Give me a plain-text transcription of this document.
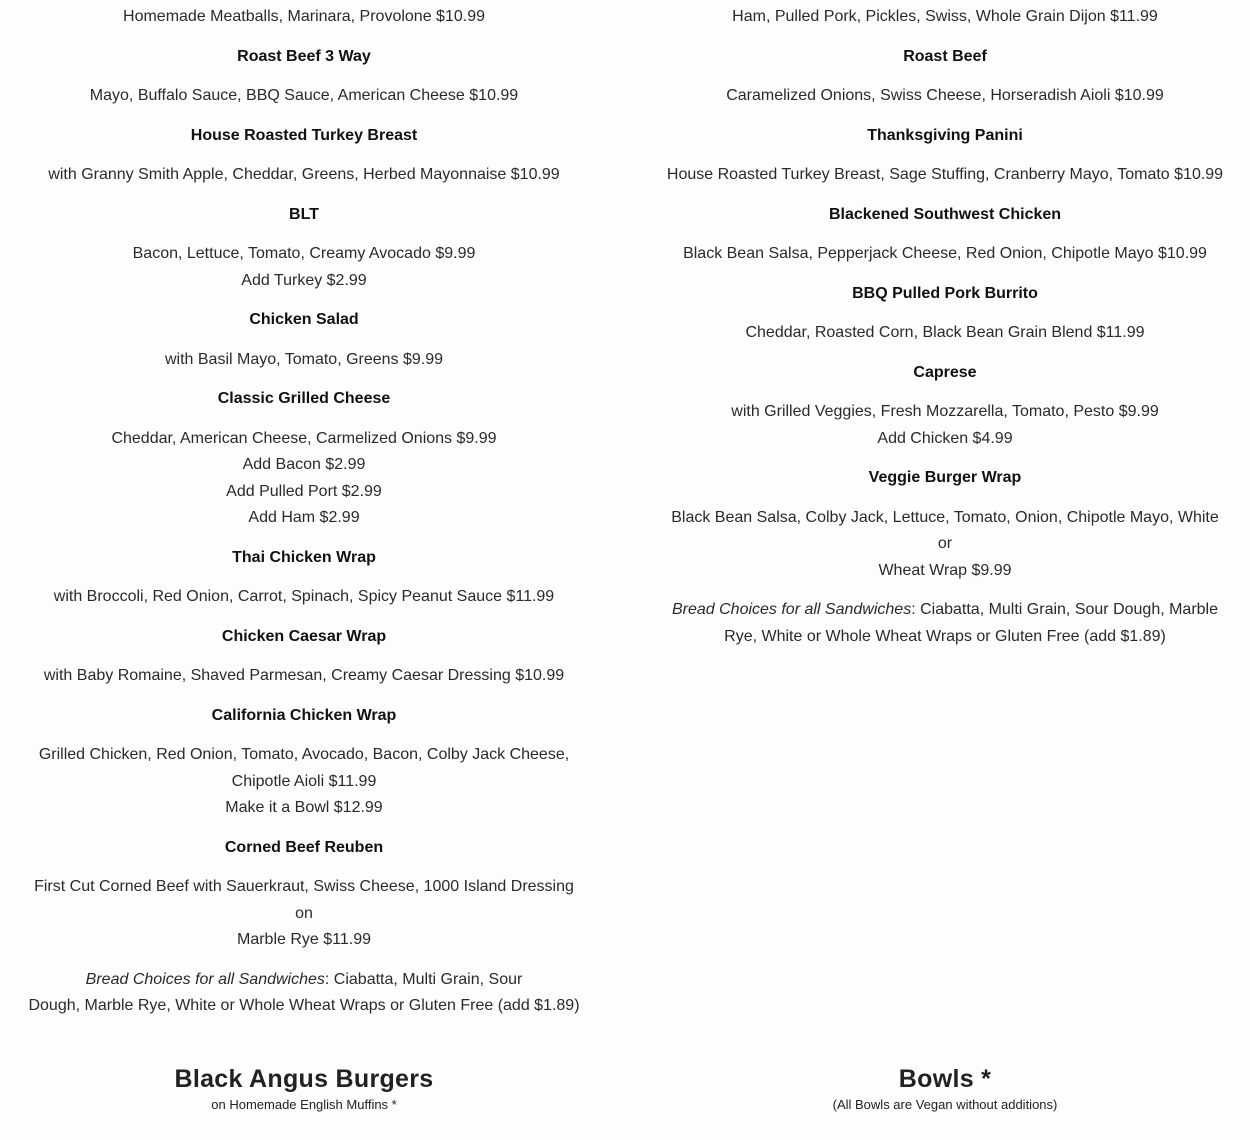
Homemade Meatballs, Marinara, Provolone $10.99

Roast Beef 3 Way

Mayo, Buffalo Sauce, BBQ Sauce, American Cheese $10.99

House Roasted Turkey Breast

with Granny Smith Apple, Cheddar, Greens, Herbed Mayonnaise $10.99

BLT

Bacon, Lettuce, Tomato, Creamy Avocado $9.99
Add Turkey $2.99

Chicken Salad

with Basil Mayo, Tomato, Greens $9.99

Classic Grilled Cheese

Cheddar, American Cheese, Carmelized Onions $9.99
Add Bacon $2.99
Add Pulled Port $2.99
Add Ham $2.99

Thai Chicken Wrap

with Broccoli, Red Onion, Carrot, Spinach, Spicy Peanut Sauce $11.99

Chicken Caesar Wrap

with Baby Romaine, Shaved Parmesan, Creamy Caesar Dressing $10.99

California Chicken Wrap

Grilled Chicken, Red Onion, Tomato, Avocado, Bacon, Colby Jack Cheese,
Chipotle Aioli $11.99
Make it a Bowl $12.99

Corned Beef Reuben

First Cut Corned Beef with Sauerkraut, Swiss Cheese, 1000 Island Dressing on
Marble Rye $11.99

Bread Choices for all Sandwiches: Ciabatta, Multi Grain, Sour
Dough, Marble Rye, White or Whole Wheat Wraps or Gluten Free (add $1.89)

Ham, Pulled Pork, Pickles, Swiss, Whole Grain Dijon $11.99

Roast Beef

Caramelized Onions, Swiss Cheese, Horseradish Aioli $10.99

Thanksgiving Panini

House Roasted Turkey Breast, Sage Stuffing, Cranberry Mayo, Tomato $10.99

Blackened Southwest Chicken

Black Bean Salsa, Pepperjack Cheese, Red Onion, Chipotle Mayo $10.99

BBQ Pulled Pork Burrito

Cheddar, Roasted Corn, Black Bean Grain Blend $11.99

Caprese

with Grilled Veggies, Fresh Mozzarella, Tomato, Pesto $9.99
Add Chicken $4.99

Veggie Burger Wrap

Black Bean Salsa, Colby Jack, Lettuce, Tomato, Onion, Chipotle Mayo, White or
Wheat Wrap $9.99

Bread Choices for all Sandwiches: Ciabatta, Multi Grain, Sour Dough, Marble
Rye, White or Whole Wheat Wraps or Gluten Free (add $1.89)

Black Angus Burgers

on Homemade English Muffins *

Bowls *

(All Bowls are Vegan without additions)
